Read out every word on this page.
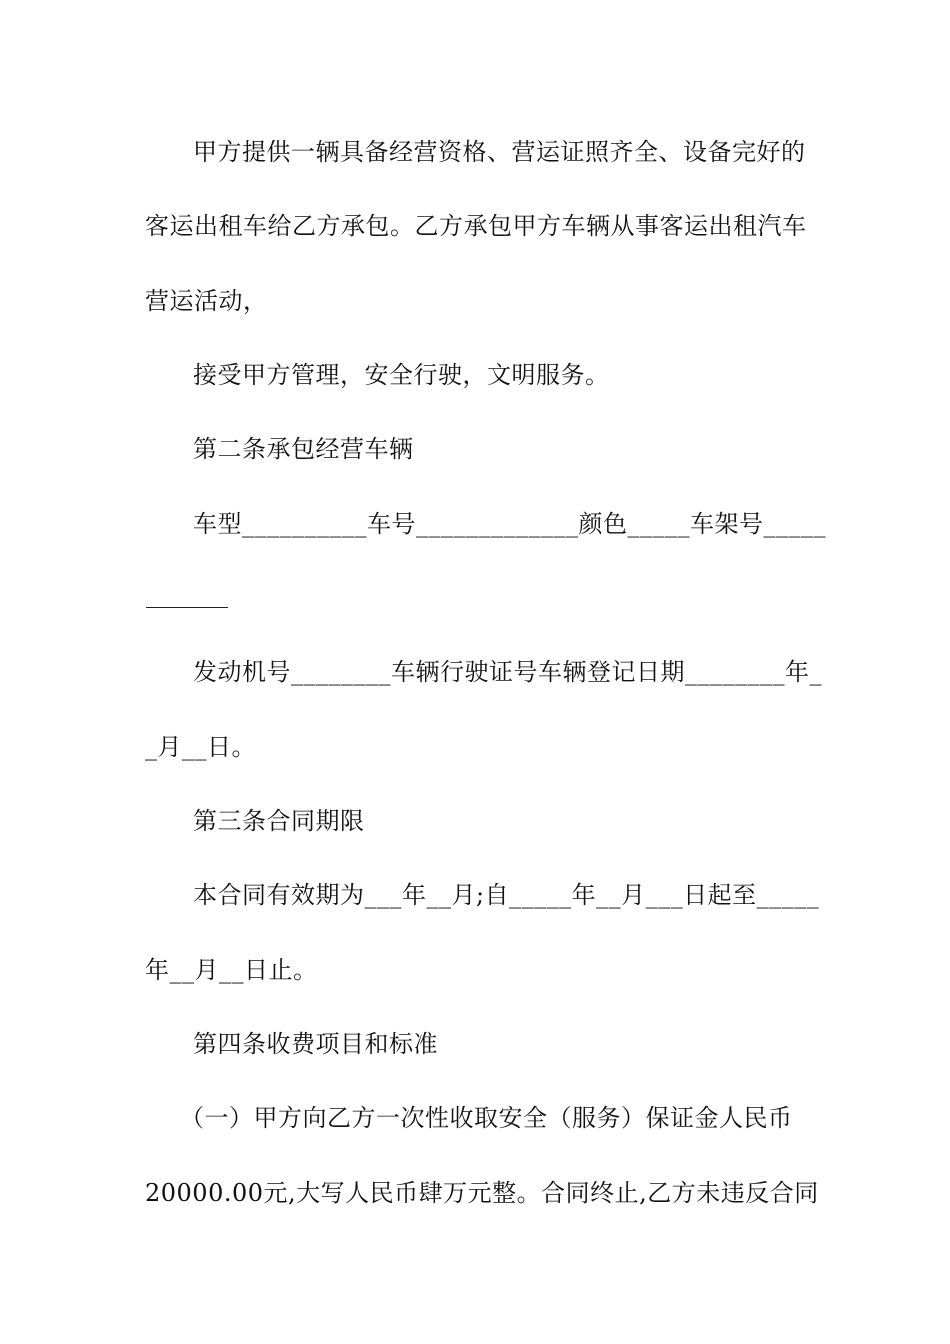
甲方提供一辆具备经营资格、营运证照齐全、设备完好的
客运出租车给乙方承包。乙方承包甲方车辆从事客运出租汽车
营运活动，
接受甲方管理，安全行驶，文明服务。
第二条承包经营车辆
车型__________车号_____________颜色_____车架号_____
发动机号________车辆行驶证号车辆登记日期________年_
_月__日。
第三条合同期限
本合同有效期为___年__月;自_____年__月___日起至_____
年__月__日止。
第四条收费项目和标准
（一）甲方向乙方一次性收取安全（服务）保证金人民币
20000.00元,大写人民币肆万元整。合同终止,乙方未违反合同
